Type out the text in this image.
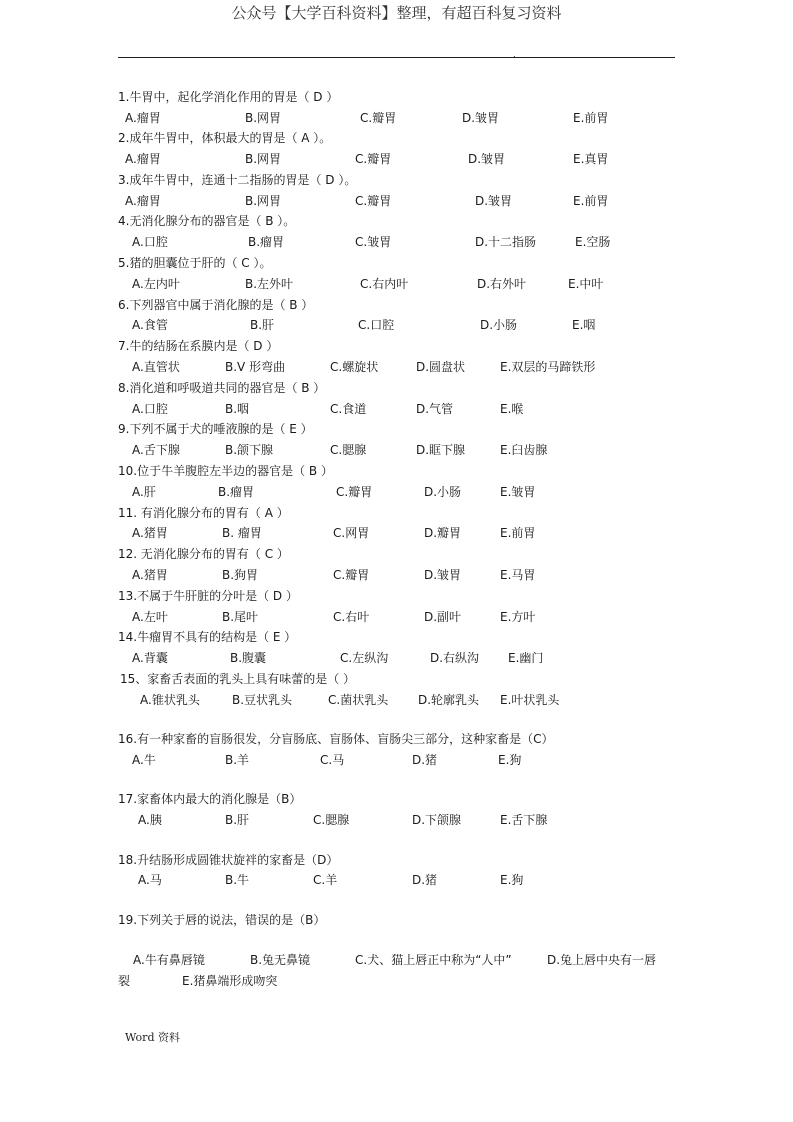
公众号【大学百科资料】整理，有超百科复习资料
.
1.牛胃中，起化学消化作用的胃是（ D ）
A.瘤胃	B.网胃	C.瓣胃	D.皱胃	E.前胃
2.成年牛胃中，体积最大的胃是（ A ）。
A.瘤胃	B.网胃	C.瓣胃	D.皱胃	E.真胃
3.成年牛胃中，连通十二指肠的胃是（ D ）。
A.瘤胃	B.网胃	C.瓣胃	D.皱胃	E.前胃
4.无消化腺分布的器官是（ B ）。
A.口腔	B.瘤胃	C.皱胃	D.十二指肠	E.空肠
5.猪的胆囊位于肝的（ C ）。
A.左内叶	B.左外叶	C.右内叶	D.右外叶	E.中叶
6.下列器官中属于消化腺的是（ B ）
A.食管	B.肝	C.口腔	D.小肠	E.咽
7.牛的结肠在系膜内是（ D ）
A.直管状	B.V 形弯曲	C.螺旋状	D.圆盘状	E.双层的马蹄铁形
8.消化道和呼吸道共同的器官是（ B ）
A.口腔	B.咽	C.食道	D.气管	E.喉
9.下列不属于犬的唾液腺的是（ E ）
A.舌下腺	B.颌下腺	C.腮腺	D.眶下腺	E.臼齿腺
10.位于牛羊腹腔左半边的器官是（ B ）
A.肝	B.瘤胃	C.瓣胃	D.小肠	E.皱胃
11. 有消化腺分布的胃有（ A ）
A.猪胃	B. 瘤胃	C.网胃	D.瓣胃	E.前胃
12. 无消化腺分布的胃有（ C ）
A.猪胃	B.狗胃	C.瓣胃	D.皱胃	E.马胃
13.不属于牛肝脏的分叶是（ D ）
A.左叶	B.尾叶	C.右叶	D.副叶	E.方叶
14.牛瘤胃不具有的结构是（ E ）
A.背囊	B.腹囊	C.左纵沟	D.右纵沟 E.幽门
15、家畜舌表面的乳头上具有味蕾的是（ ）
A.锥状乳头	B.豆状乳头	C.菌状乳头 D.轮廓乳头 E.叶状乳头
16.有一种家畜的盲肠很发，分盲肠底、盲肠体、盲肠尖三部分，这种家畜是（C）
A.牛	B.羊	C.马	D.猪	E.狗
17.家畜体内最大的消化腺是（B）
A.胰	B.肝	C.腮腺	D.下颌腺	E.舌下腺
18.升结肠形成圆锥状旋袢的家畜是（D）
A.马	B.牛	C.羊	D.猪	E.狗
19.下列关于唇的说法，错误的是（B）
A.牛有鼻唇镜	B.兔无鼻镜	C.犬、猫上唇正中称为“人中”	D.兔上唇中央有一唇
裂	E.猪鼻端形成吻突
Word 资料
